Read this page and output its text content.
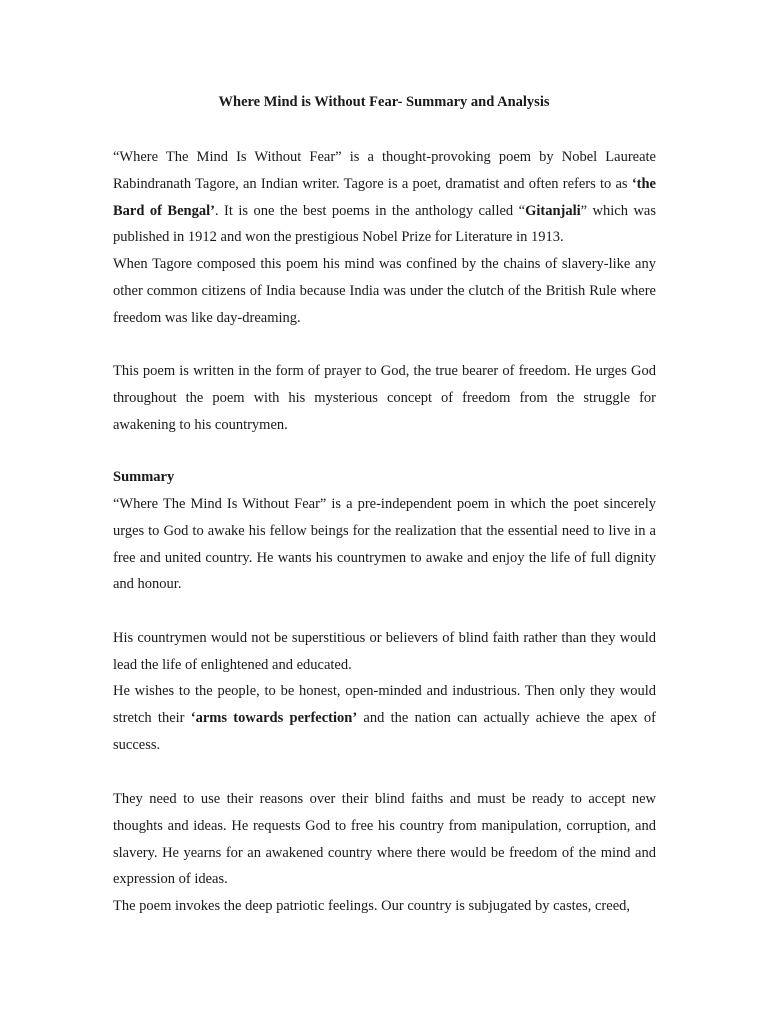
Where Mind is Without Fear- Summary and Analysis

“Where The Mind Is Without Fear” is a thought-provoking poem by Nobel Laureate Rabindranath Tagore, an Indian writer. Tagore is a poet, dramatist and often refers to as ‘the Bard of Bengal’. It is one the best poems in the anthology called “Gitanjali” which was published in 1912 and won the prestigious Nobel Prize for Literature in 1913.

When Tagore composed this poem his mind was confined by the chains of slavery-like any other common citizens of India because India was under the clutch of the British Rule where freedom was like day-dreaming.

This poem is written in the form of prayer to God, the true bearer of freedom. He urges God throughout the poem with his mysterious concept of freedom from the struggle for awakening to his countrymen.

Summary

“Where The Mind Is Without Fear” is a pre-independent poem in which the poet sincerely urges to God to awake his fellow beings for the realization that the essential need to live in a free and united country. He wants his countrymen to awake and enjoy the life of full dignity and honour.

His countrymen would not be superstitious or believers of blind faith rather than they would lead the life of enlightened and educated.

He wishes to the people, to be honest, open-minded and industrious. Then only they would stretch their ‘arms towards perfection’ and the nation can actually achieve the apex of success.

They need to use their reasons over their blind faiths and must be ready to accept new thoughts and ideas. He requests God to free his country from manipulation, corruption, and slavery. He yearns for an awakened country where there would be freedom of the mind and expression of ideas.

The poem invokes the deep patriotic feelings. Our country is subjugated by castes, creed,
